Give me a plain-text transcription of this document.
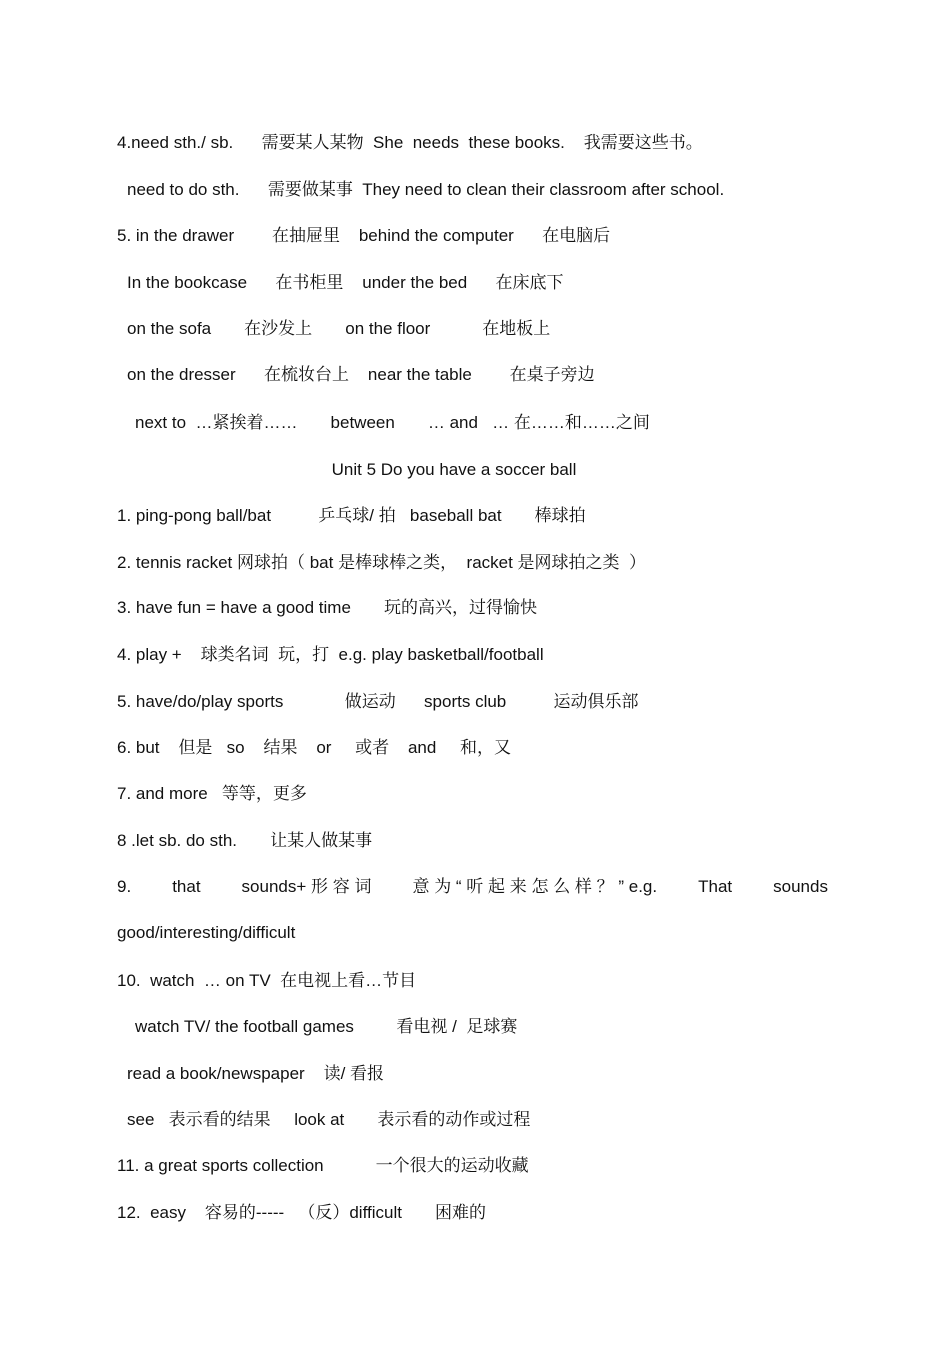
4.need sth./ sb.      需要某人某物  She  needs  these books.    我需要这些书。
need to do sth.      需要做某事  They need to clean their classroom after school.
5. in the drawer        在抽屉里    behind the computer      在电脑后
In the bookcase      在书柜里    under the bed      在床底下
on the sofa       在沙发上       on the floor           在地板上
on the dresser      在梳妆台上    near the table        在桌子旁边
next to  …紧挨着……       between       … and   … 在……和……之间
Unit 5 Do you have a soccer ball
1. ping-pong ball/bat          乒乓球/ 拍   baseball bat       棒球拍
2. tennis racket 网球拍（ bat 是棒球棒之类，  racket 是网球拍之类  ）
3. have fun = have a good time       玩的高兴，过得愉快
4. play +    球类名词  玩，打  e.g. play basketball/football
5. have/do/play sports             做运动      sports club          运动俱乐部
6. but    但是   so    结果    or     或者    and     和，又
7. and more   等等，更多
8 .let sb. do sth.       让某人做某事
9. that sounds+ 形 容 词 意 为 “ 听 起 来 怎 么 样 ？ ” e.g. That sounds
good/interesting/difficult
10.  watch  … on TV  在电视上看…节目
watch TV/ the football games         看电视 /  足球赛
read a book/newspaper    读/ 看报
see   表示看的结果     look at       表示看的动作或过程
11. a great sports collection           一个很大的运动收藏
12.  easy    容易的-----   （反）difficult       困难的
